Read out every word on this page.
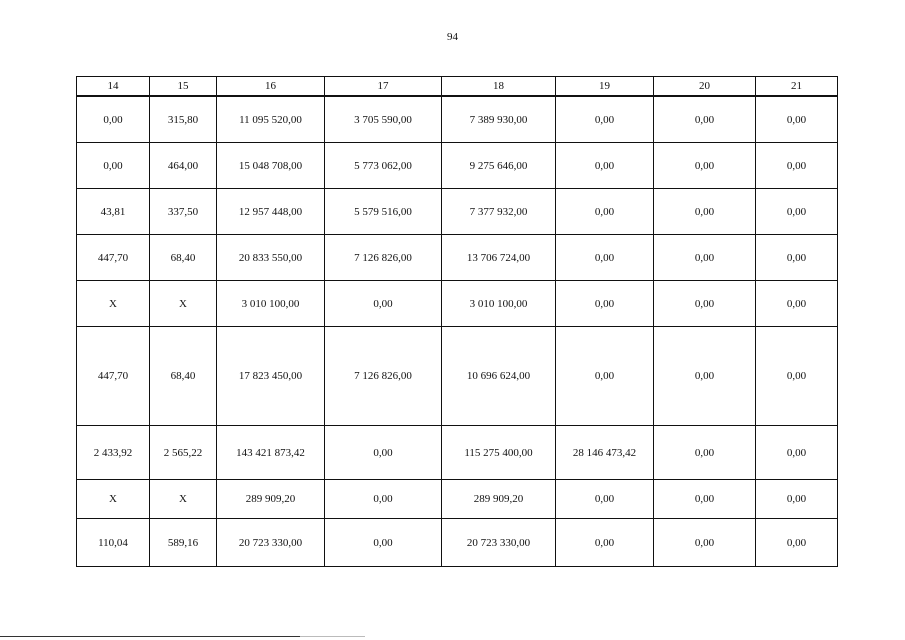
94
14	15	16	17	18	19	20	21
0,00	315,80	11 095 520,00	3 705 590,00	7 389 930,00	0,00	0,00	0,00
0,00	464,00	15 048 708,00	5 773 062,00	9 275 646,00	0,00	0,00	0,00
43,81	337,50	12 957 448,00	5 579 516,00	7 377 932,00	0,00	0,00	0,00
447,70	68,40	20 833 550,00	7 126 826,00	13 706 724,00	0,00	0,00	0,00
X	X	3 010 100,00	0,00	3 010 100,00	0,00	0,00	0,00
447,70	68,40	17 823 450,00	7 126 826,00	10 696 624,00	0,00	0,00	0,00
2 433,92	2 565,22	143 421 873,42	0,00	115 275 400,00	28 146 473,42	0,00	0,00
X	X	289 909,20	0,00	289 909,20	0,00	0,00	0,00
110,04	589,16	20 723 330,00	0,00	20 723 330,00	0,00	0,00	0,00
